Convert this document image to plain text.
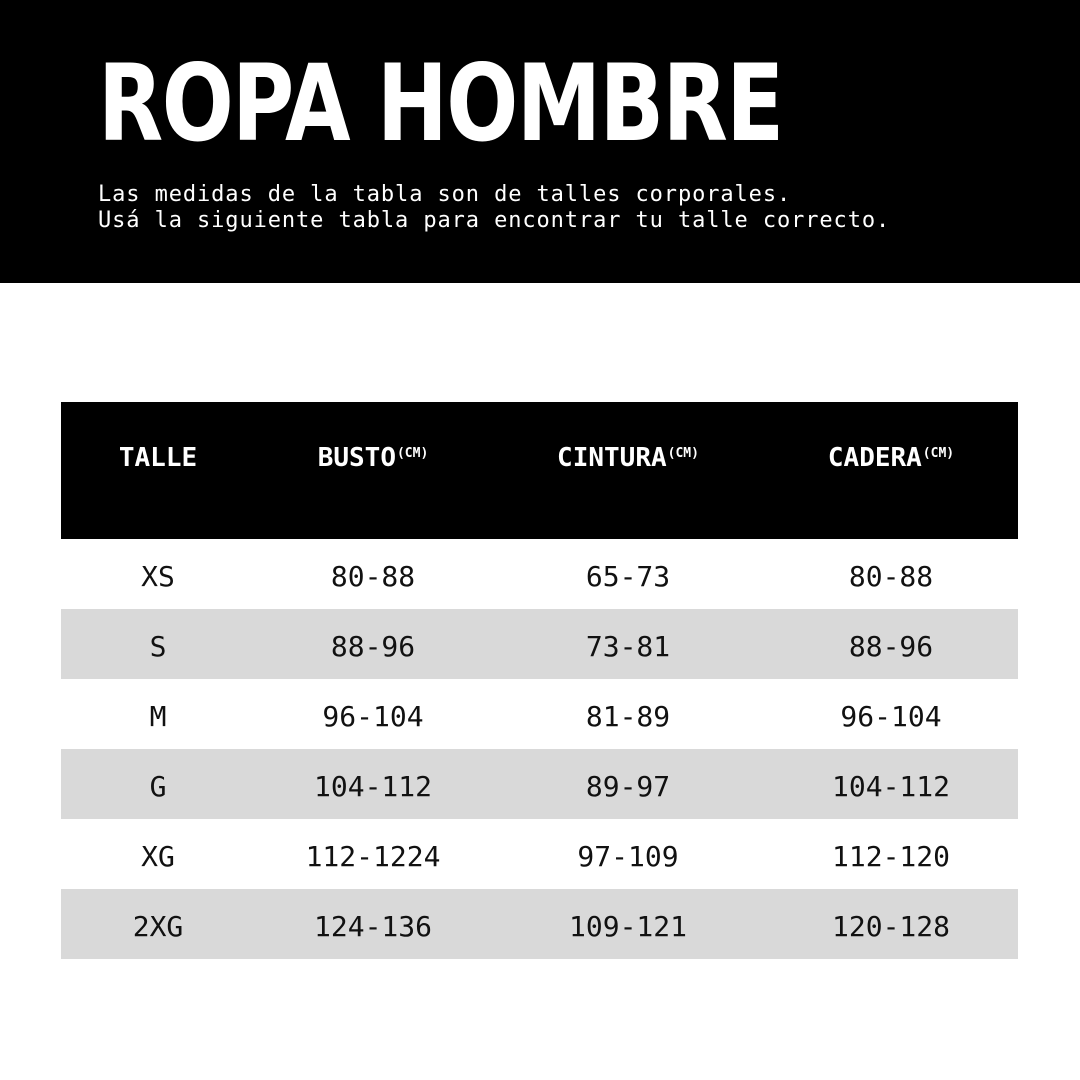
ROPA HOMBRE
Las medidas de la tabla son de talles corporales.
Usá la siguiente tabla para encontrar tu talle correcto.
XS	80-88	65-73	80-88
S	88-96	73-81	88-96
M	96-104	81-89	96-104
G	104-112	89-97	104-112
XG	112-1224	97-109	112-120
2XG	124-136	109-121	120-128
TALLE	$BUSTO^{(CM)}$	$CINTURA^{(CM)}$	$CADERA^{(CM)}$
